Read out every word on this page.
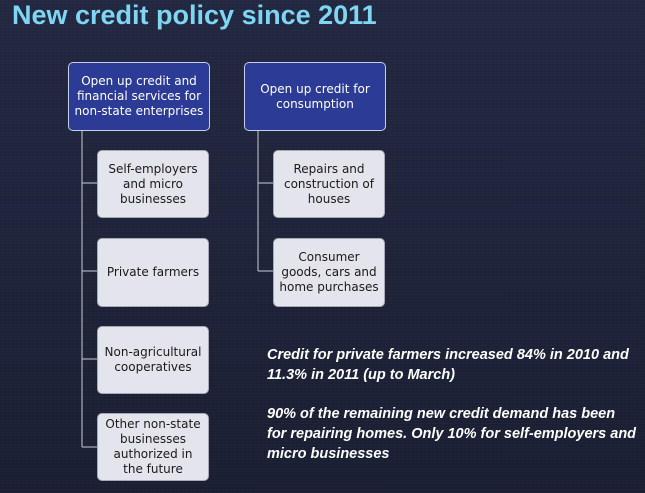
New credit policy since 2011
Open up credit and financial services for non-state enterprises
Open up credit for consumption
Self-employers and micro businesses
Private farmers
Non-agricultural cooperatives
Other non-state businesses authorized in the future
Repairs and construction of houses
Consumer goods, cars and home purchases

Credit for private farmers increased 84% in 2010 and 11.3% in 2011 (up to March)

90% of the remaining new credit demand has been for repairing homes. Only 10% for self-employers and micro businesses
